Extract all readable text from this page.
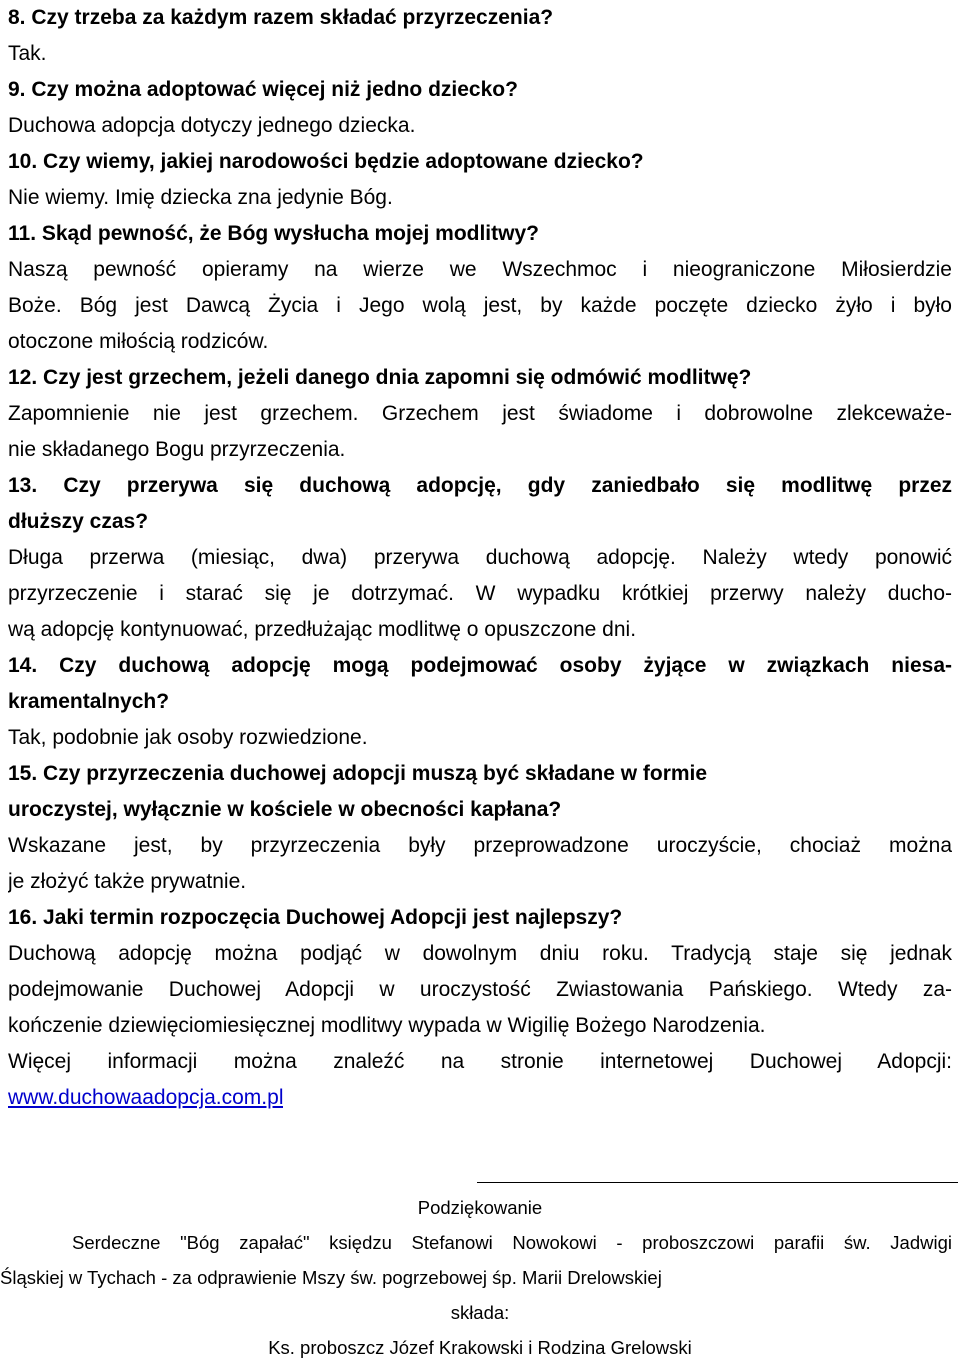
8. Czy trzeba za każdym razem składać przyrzeczenia?
Tak.
9. Czy można adoptować więcej niż jedno dziecko?
Duchowa adopcja dotyczy jednego dziecka.
10. Czy wiemy, jakiej narodowości będzie adoptowane dziecko?
Nie wiemy. Imię dziecka zna jedynie Bóg.
11. Skąd pewność, że Bóg wysłucha mojej modlitwy?
Naszą pewność opieramy na wierze we Wszechmoc i nieograniczone Miłosierdzie
Boże. Bóg jest Dawcą Życia i Jego wolą jest, by każde poczęte dziecko żyło i było
otoczone miłością rodziców.
12. Czy jest grzechem, jeżeli danego dnia zapomni się odmówić modlitwę?
Zapomnienie nie jest grzechem. Grzechem jest świadome i dobrowolne zlekceważe-
nie składanego Bogu przyrzeczenia.
13. Czy przerywa się duchową adopcję, gdy zaniedbało się modlitwę przez
dłuższy czas?
Długa przerwa (miesiąc, dwa) przerywa duchową adopcję. Należy wtedy ponowić
przyrzeczenie i starać się je dotrzymać. W wypadku krótkiej przerwy należy ducho-
wą adopcję kontynuować, przedłużając modlitwę o opuszczone dni.
14. Czy duchową adopcję mogą podejmować osoby żyjące w związkach niesa-
kramentalnych?
Tak, podobnie jak osoby rozwiedzione.
15. Czy przyrzeczenia duchowej adopcji muszą być składane w formie
uroczystej, wyłącznie w kościele w obecności kapłana?
Wskazane jest, by przyrzeczenia były przeprowadzone uroczyście, chociaż można
je złożyć także prywatnie.
16. Jaki termin rozpoczęcia Duchowej Adopcji jest najlepszy?
Duchową adopcję można podjąć w dowolnym dniu roku. Tradycją staje się jednak
podejmowanie Duchowej Adopcji w uroczystość Zwiastowania Pańskiego. Wtedy za-
kończenie dziewięciomiesięcznej modlitwy wypada w Wigilię Bożego Narodzenia.
Więcej informacji można znaleźć na stronie internetowej Duchowej Adopcji:
www.duchowaadopcja.com.pl
Podziękowanie
Serdeczne "Bóg zapałać" księdzu Stefanowi Nowokowi - proboszczowi parafii św. Jadwigi
Śląskiej w Tychach - za odprawienie Mszy św. pogrzebowej śp. Marii Drelowskiej
składa:
Ks. proboszcz Józef Krakowski i Rodzina Grelowski
